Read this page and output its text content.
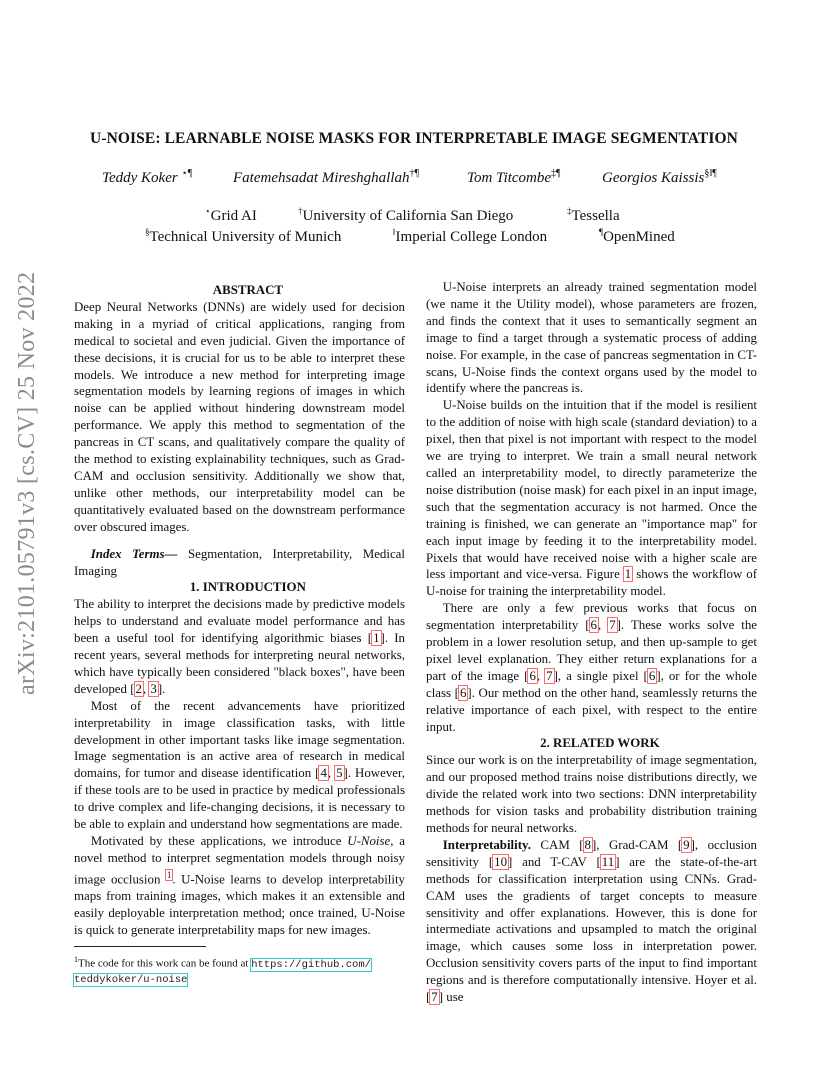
arXiv:2101.05791v3 [cs.CV] 25 Nov 2022
U-NOISE: LEARNABLE NOISE MASKS FOR INTERPRETABLE IMAGE SEGMENTATION
Teddy Koker ⋆¶	Fatemehsadat Mireshghallah†¶	Tom Titcombe‡¶	Georgios Kaissis§‖¶
⋆Grid AI	†University of California San Diego	‡Tessella
§Technical University of Munich	‖Imperial College London	¶OpenMined

ABSTRACT

Deep Neural Networks (DNNs) are widely used for decision making in a myriad of critical applications, ranging from medical to societal and even judicial. Given the importance of these decisions, it is crucial for us to be able to interpret these models. We introduce a new method for interpreting image segmentation models by learning regions of images in which noise can be applied without hindering downstream model performance. We apply this method to segmentation of the pancreas in CT scans, and qualitatively compare the quality of the method to existing explainability techniques, such as Grad-CAM and occlusion sensitivity. Additionally we show that, unlike other methods, our interpretability model can be quantitatively evaluated based on the downstream performance over obscured images.

Index Terms— Segmentation, Interpretability, Medical Imaging

1. INTRODUCTION

The ability to interpret the decisions made by predictive models helps to understand and evaluate model performance and has been a useful tool for identifying algorithmic biases [1]. In recent years, several methods for interpreting neural networks, which have typically been considered "black boxes", have been developed [2, 3].

Most of the recent advancements have prioritized interpretability in image classification tasks, with little development in other important tasks like image segmentation. Image segmentation is an active area of research in medical domains, for tumor and disease identification [4, 5]. However, if these tools are to be used in practice by medical professionals to drive complex and life-changing decisions, it is necessary to be able to explain and understand how segmentations are made.

Motivated by these applications, we introduce U-Noise, a novel method to interpret segmentation models through noisy image occlusion $^1$. U-Noise learns to develop interpretability maps from training images, which makes it an extensible and easily deployable interpretation method; once trained, U-Noise is quick to generate interpretability maps for new images.

$^1$The code for this work can be found at https://github.com/
teddykoker/u-noise

U-Noise interprets an already trained segmentation model (we name it the Utility model), whose parameters are frozen, and finds the context that it uses to semantically segment an image to find a target through a systematic process of adding noise. For example, in the case of pancreas segmentation in CT-scans, U-Noise finds the context organs used by the model to identify where the pancreas is.

U-Noise builds on the intuition that if the model is resilient to the addition of noise with high scale (standard deviation) to a pixel, then that pixel is not important with respect to the model we are trying to interpret. We train a small neural network called an interpretability model, to directly parameterize the noise distribution (noise mask) for each pixel in an input image, such that the segmentation accuracy is not harmed. Once the training is finished, we can generate an "importance map" for each input image by feeding it to the interpretability model. Pixels that would have received noise with a higher scale are less important and vice-versa. Figure 1 shows the workflow of U-noise for training the interpretability model.

There are only a few previous works that focus on segmentation interpretability [6, 7]. These works solve the problem in a lower resolution setup, and then up-sample to get pixel level explanation. They either return explanations for a part of the image [6, 7], a single pixel [6], or for the whole class [6]. Our method on the other hand, seamlessly returns the relative importance of each pixel, with respect to the entire input.

2. RELATED WORK

Since our work is on the interpretability of image segmentation, and our proposed method trains noise distributions directly, we divide the related work into two sections: DNN interpretability methods for vision tasks and probability distribution training methods for neural networks.

Interpretability. CAM [8], Grad-CAM [9], occlusion sensitivity [10] and T-CAV [11] are the state-of-the-art methods for classification interpretation using CNNs. Grad-CAM uses the gradients of target concepts to measure sensitivity and offer explanations. However, this is done for intermediate activations and upsampled to match the original image, which causes some loss in interpretation power. Occlusion sensitivity covers parts of the input to find important regions and is therefore computationally intensive. Hoyer et al. [7] use
